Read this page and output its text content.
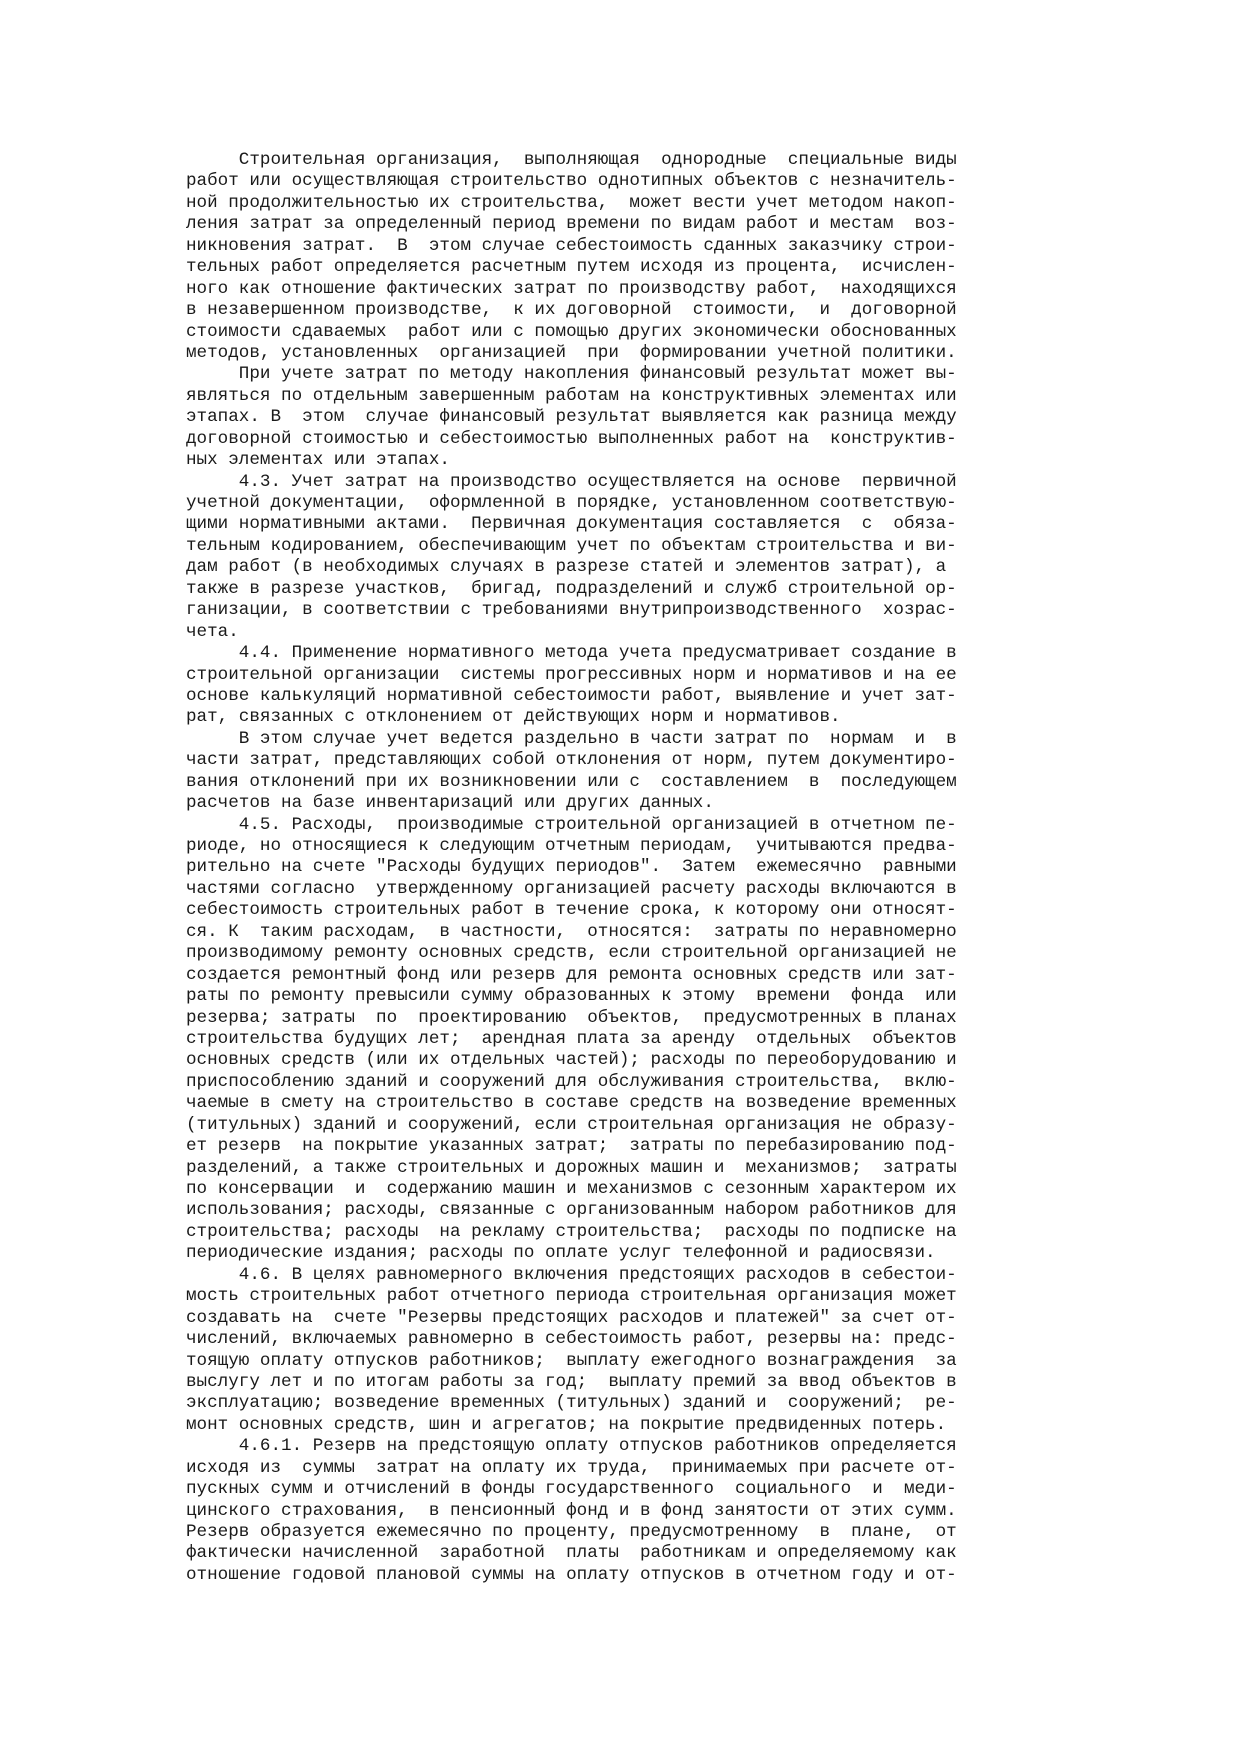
Строительная организация,  выполняющая  однородные  специальные виды
работ или осуществляющая строительство однотипных объектов с незначитель-
ной продолжительностью их строительства,  может вести учет методом накоп-
ления затрат за определенный период времени по видам работ и местам  воз-
никновения затрат.  В  этом случае себестоимость сданных заказчику строи-
тельных работ определяется расчетным путем исходя из процента,  исчислен-
ного как отношение фактических затрат по производству работ,  находящихся
в незавершенном производстве,  к их договорной  стоимости,  и  договорной
стоимости сдаваемых  работ или с помощью других экономически обоснованных
методов, установленных  организацией  при  формировании учетной политики.
При учете затрат по методу накопления финансовый результат может вы-
являться по отдельным завершенным работам на конструктивных элементах или
этапах. В  этом  случае финансовый результат выявляется как разница между
договорной стоимостью и себестоимостью выполненных работ на  конструктив-
ных элементах или этапах.
4.3. Учет затрат на производство осуществляется на основе  первичной
учетной документации,  оформленной в порядке, установленном соответствую-
щими нормативными актами.  Первичная документация составляется  с  обяза-
тельным кодированием, обеспечивающим учет по объектам строительства и ви-
дам работ (в необходимых случаях в разрезе статей и элементов затрат), а
также в разрезе участков,  бригад, подразделений и служб строительной ор-
ганизации, в соответствии с требованиями внутрипроизводственного  хозрас-
чета.
4.4. Применение нормативного метода учета предусматривает создание в
строительной организации  системы прогрессивных норм и нормативов и на ее
основе калькуляций нормативной себестоимости работ, выявление и учет зат-
рат, связанных с отклонением от действующих норм и нормативов.
В этом случае учет ведется раздельно в части затрат по  нормам  и  в
части затрат, представляющих собой отклонения от норм, путем документиро-
вания отклонений при их возникновении или с  составлением  в  последующем
расчетов на базе инвентаризаций или других данных.
4.5. Расходы,  производимые строительной организацией в отчетном пе-
риоде, но относящиеся к следующим отчетным периодам,  учитываются предва-
рительно на счете "Расходы будущих периодов".  Затем  ежемесячно  равными
частями согласно  утвержденному организацией расчету расходы включаются в
себестоимость строительных работ в течение срока, к которому они относят-
ся. К  таким расходам,  в частности,  относятся:  затраты по неравномерно
производимому ремонту основных средств, если строительной организацией не
создается ремонтный фонд или резерв для ремонта основных средств или зат-
раты по ремонту превысили сумму образованных к этому  времени  фонда  или
резерва; затраты  по  проектированию  объектов,  предусмотренных в планах
строительства будущих лет;  арендная плата за аренду  отдельных  объектов
основных средств (или их отдельных частей); расходы по переоборудованию и
приспособлению зданий и сооружений для обслуживания строительства,  вклю-
чаемые в смету на строительство в составе средств на возведение временных
(титульных) зданий и сооружений, если строительная организация не образу-
ет резерв  на покрытие указанных затрат;  затраты по перебазированию под-
разделений, а также строительных и дорожных машин и  механизмов;  затраты
по консервации  и  содержанию машин и механизмов с сезонным характером их
использования; расходы, связанные с организованным набором работников для
строительства; расходы  на рекламу строительства;  расходы по подписке на
периодические издания; расходы по оплате услуг телефонной и радиосвязи.
4.6. В целях равномерного включения предстоящих расходов в себестои-
мость строительных работ отчетного периода строительная организация может
создавать на  счете "Резервы предстоящих расходов и платежей" за счет от-
числений, включаемых равномерно в себестоимость работ, резервы на: предс-
тоящую оплату отпусков работников;  выплату ежегодного вознаграждения  за
выслугу лет и по итогам работы за год;  выплату премий за ввод объектов в
эксплуатацию; возведение временных (титульных) зданий и  сооружений;  ре-
монт основных средств, шин и агрегатов; на покрытие предвиденных потерь.
4.6.1. Резерв на предстоящую оплату отпусков работников определяется
исходя из  суммы  затрат на оплату их труда,  принимаемых при расчете от-
пускных сумм и отчислений в фонды государственного  социального  и  меди-
цинского страхования,  в пенсионный фонд и в фонд занятости от этих сумм.
Резерв образуется ежемесячно по проценту, предусмотренному  в  плане,  от
фактически начисленной  заработной  платы  работникам и определяемому как
отношение годовой плановой суммы на оплату отпусков в отчетном году и от-
